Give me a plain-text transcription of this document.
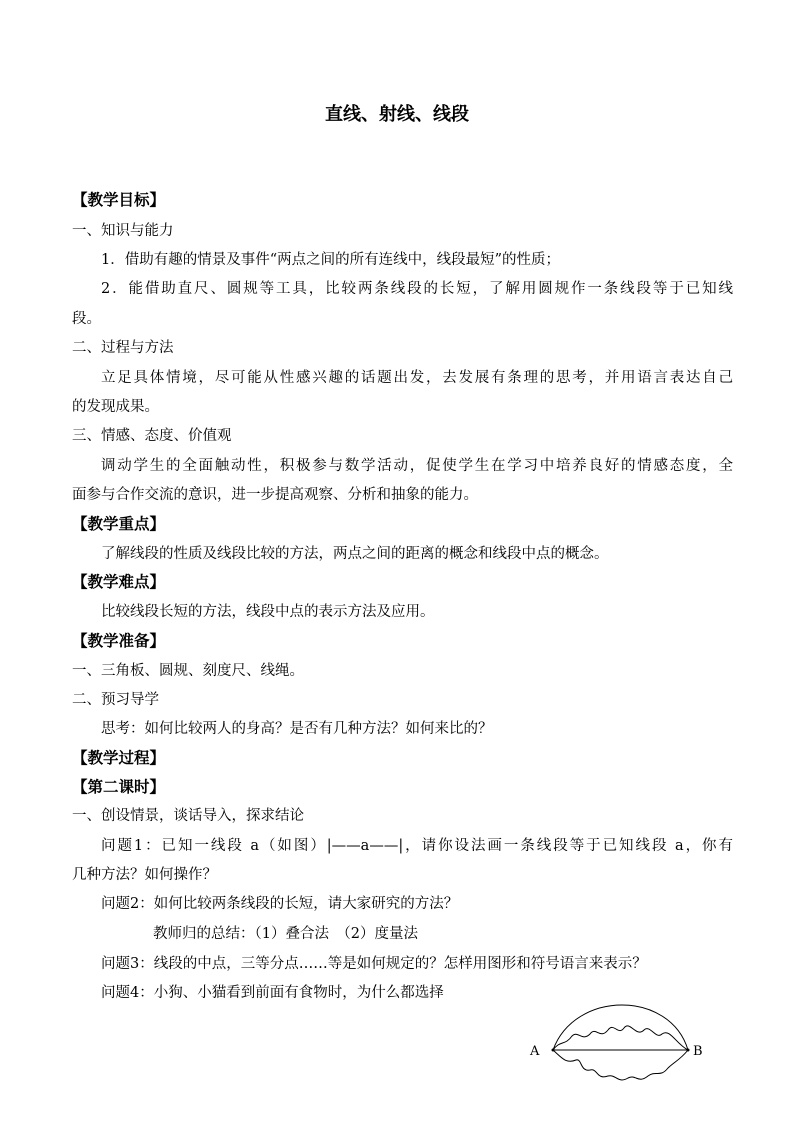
直线、射线、线段
【教学目标】
一、知识与能力
1．借助有趣的情景及事件“两点之间的所有连线中，线段最短”的性质；
2．能借助直尺、圆规等工具，比较两条线段的长短，了解用圆规作一条线段等于已知线
段。
二、过程与方法
立足具体情境，尽可能从性感兴趣的话题出发，去发展有条理的思考，并用语言表达自己
的发现成果。
三、情感、态度、价值观
调动学生的全面触动性，积极参与数学活动，促使学生在学习中培养良好的情感态度，全
面参与合作交流的意识，进一步提高观察、分析和抽象的能力。
【教学重点】
了解线段的性质及线段比较的方法，两点之间的距离的概念和线段中点的概念。
【教学难点】
比较线段长短的方法，线段中点的表示方法及应用。
【教学准备】
一、三角板、圆规、刻度尺、线绳。
二、预习导学
思考：如何比较两人的身高？是否有几种方法？如何来比的？
【教学过程】
【第二课时】
一、创设情景，谈话导入，探求结论
问题1：已知一线段 a（如图）|——a——|，请你设法画一条线段等于已知线段 a，你有
几种方法？如何操作？
问题2：如何比较两条线段的长短，请大家研究的方法？
教师归的总结：（1）叠合法　（2）度量法
问题3：线段的中点，三等分点……等是如何规定的？怎样用图形和符号语言来表示？
问题4：小狗、小猫看到前面有食物时，为什么都选择
A	B
